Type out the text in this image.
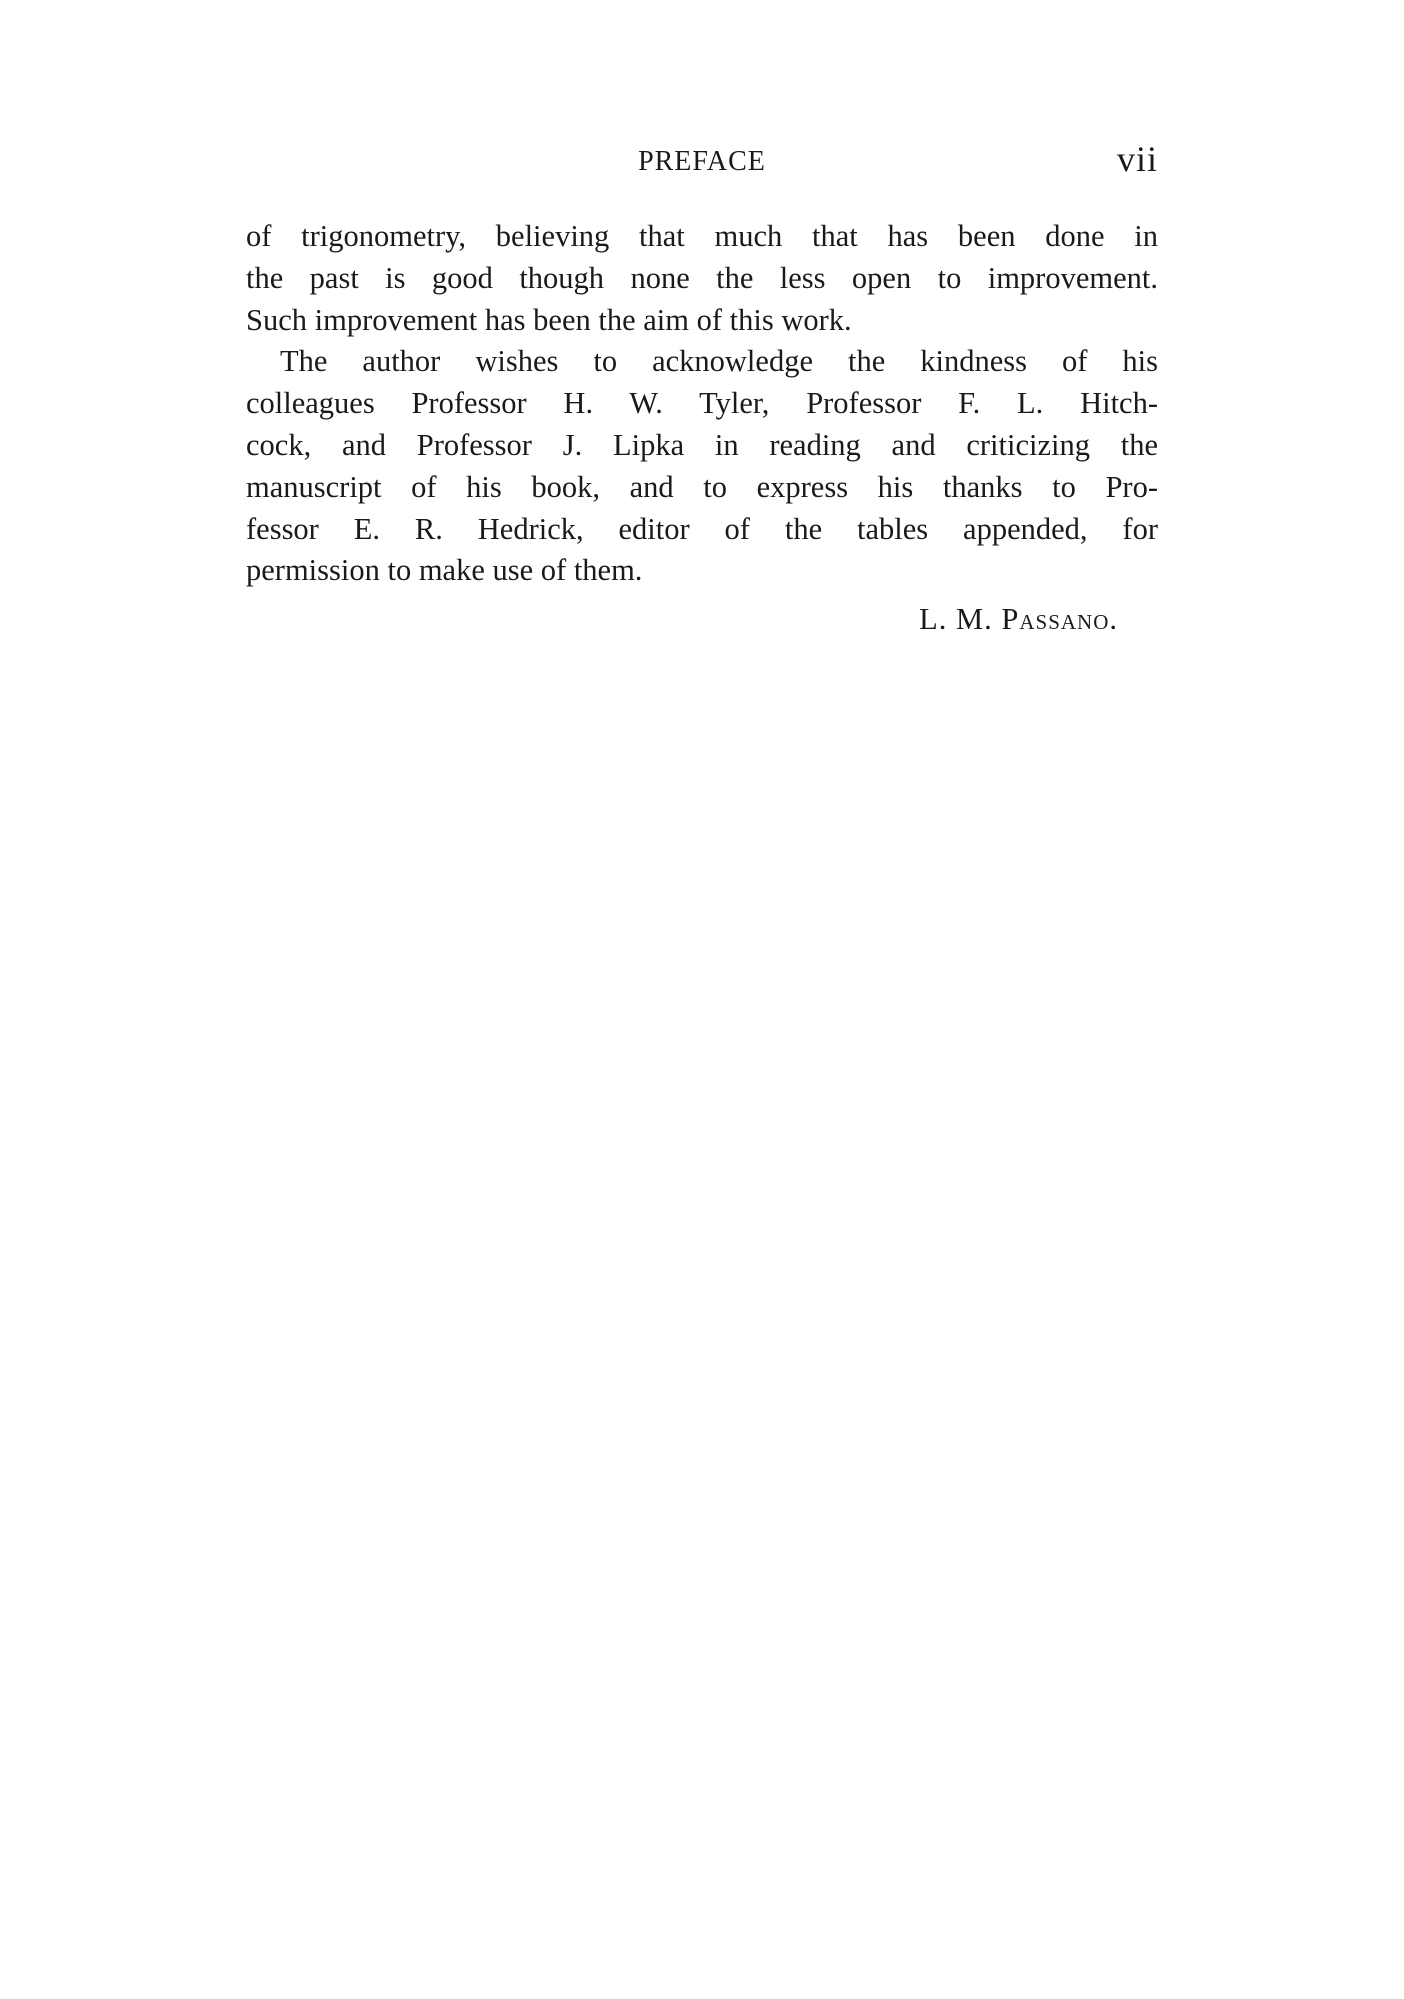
PREFACE	vii

of trigonometry, believing that much that has been done in
the past is good though none the less open to improvement.
Such improvement has been the aim of this work.

The author wishes to acknowledge the kindness of his
colleagues Professor H. W. Tyler, Professor F. L. Hitch-
cock, and Professor J. Lipka in reading and criticizing the
manuscript of his book, and to express his thanks to Pro-
fessor E. R. Hedrick, editor of the tables appended, for
permission to make use of them.

L. M. Passano.
